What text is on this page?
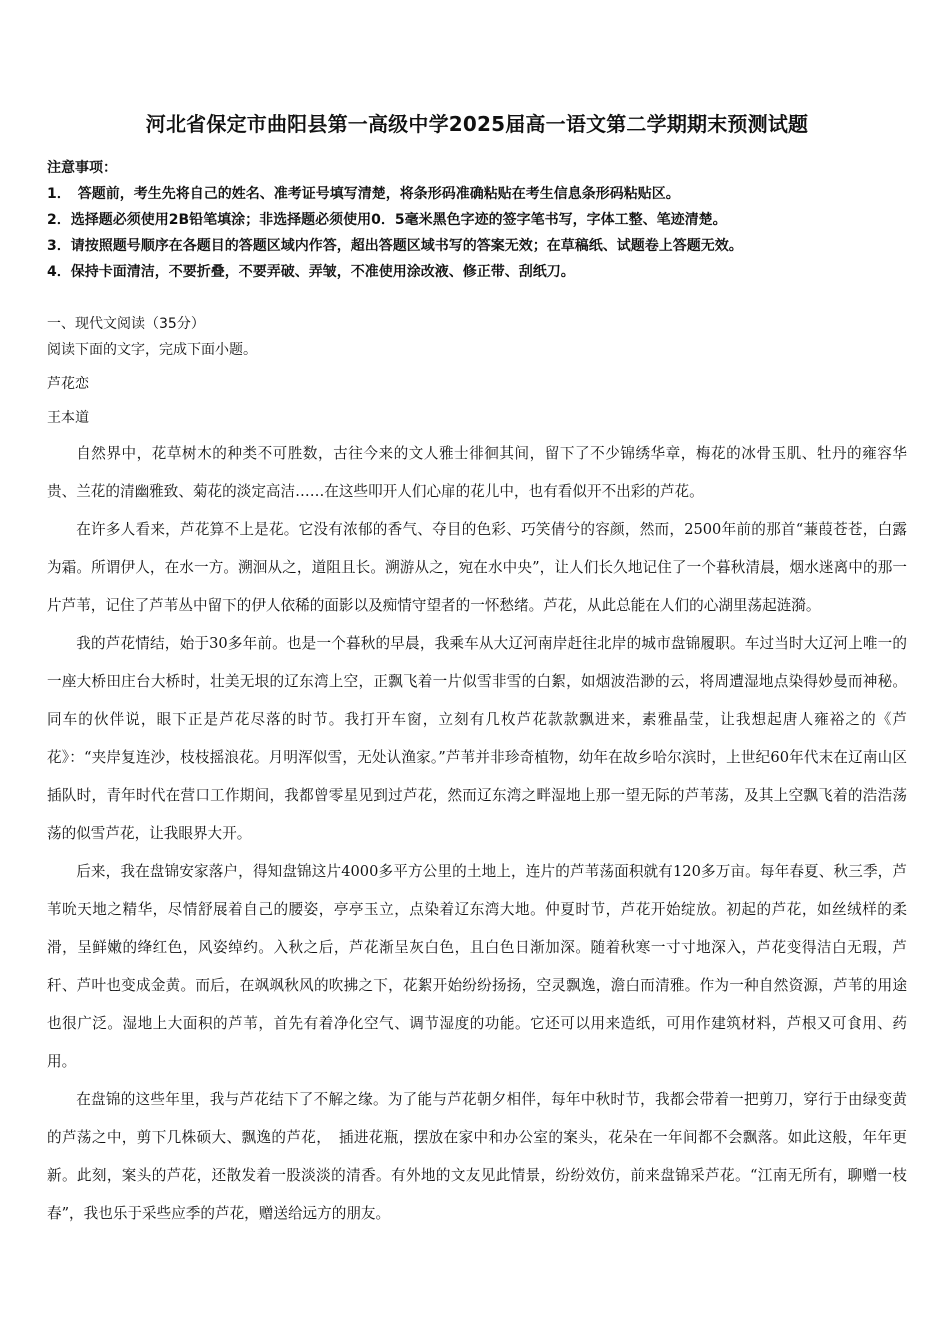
河北省保定市曲阳县第一高级中学2025届高一语文第二学期期末预测试题
注意事项：
1．　答题前，考生先将自己的姓名、准考证号填写清楚，将条形码准确粘贴在考生信息条形码粘贴区。
2．选择题必须使用2B铅笔填涂；非选择题必须使用0．5毫米黑色字迹的签字笔书写，字体工整、笔迹清楚。
3．请按照题号顺序在各题目的答题区域内作答，超出答题区域书写的答案无效；在草稿纸、试题卷上答题无效。
4．保持卡面清洁，不要折叠，不要弄破、弄皱，不准使用涂改液、修正带、刮纸刀。
一、现代文阅读（35分）
阅读下面的文字，完成下面小题。
芦花恋
王本道

自然界中，花草树木的种类不可胜数，古往今来的文人雅士徘徊其间，留下了不少锦绣华章，梅花的冰骨玉肌、牡丹的雍容华贵、兰花的清幽雅致、菊花的淡定高洁……在这些叩开人们心扉的花儿中，也有看似开不出彩的芦花。

在许多人看来，芦花算不上是花。它没有浓郁的香气、夺目的色彩、巧笑倩兮的容颜，然而，2500年前的那首“蒹葭苍苍，白露为霜。所谓伊人，在水一方。溯洄从之，道阻且长。溯游从之，宛在水中央”，让人们长久地记住了一个暮秋清晨，烟水迷离中的那一片芦苇，记住了芦苇丛中留下的伊人依稀的面影以及痴情守望者的一怀愁绪。芦花，从此总能在人们的心湖里荡起涟漪。

我的芦花情结，始于30多年前。也是一个暮秋的早晨，我乘车从大辽河南岸赶往北岸的城市盘锦履职。车过当时大辽河上唯一的一座大桥田庄台大桥时，壮美无垠的辽东湾上空，正飘飞着一片似雪非雪的白絮，如烟波浩渺的云，将周遭湿地点染得妙曼而神秘。同车的伙伴说，眼下正是芦花尽落的时节。我打开车窗，立刻有几枚芦花款款飘进来，素雅晶莹，让我想起唐人雍裕之的《芦花》：“夹岸复连沙，枝枝摇浪花。月明浑似雪，无处认渔家。”芦苇并非珍奇植物，幼年在故乡哈尔滨时，上世纪60年代末在辽南山区插队时，青年时代在营口工作期间，我都曾零星见到过芦花，然而辽东湾之畔湿地上那一望无际的芦苇荡，及其上空飘飞着的浩浩荡荡的似雪芦花，让我眼界大开。

后来，我在盘锦安家落户，得知盘锦这片4000多平方公里的土地上，连片的芦苇荡面积就有120多万亩。每年春夏、秋三季，芦苇吮天地之精华，尽情舒展着自己的腰姿，亭亭玉立，点染着辽东湾大地。仲夏时节，芦花开始绽放。初起的芦花，如丝绒样的柔滑，呈鲜嫩的绛红色，风姿绰约。入秋之后，芦花渐呈灰白色，且白色日渐加深。随着秋寒一寸寸地深入，芦花变得洁白无瑕，芦秆、芦叶也变成金黄。而后，在飒飒秋风的吹拂之下，花絮开始纷纷扬扬，空灵飘逸，澹白而清雅。作为一种自然资源，芦苇的用途也很广泛。湿地上大面积的芦苇，首先有着净化空气、调节湿度的功能。它还可以用来造纸，可用作建筑材料，芦根又可食用、药用。

在盘锦的这些年里，我与芦花结下了不解之缘。为了能与芦花朝夕相伴，每年中秋时节，我都会带着一把剪刀，穿行于由绿变黄的芦荡之中，剪下几株硕大、飘逸的芦花，　插进花瓶，摆放在家中和办公室的案头，花朵在一年间都不会飘落。如此这般，年年更新。此刻，案头的芦花，还散发着一股淡淡的清香。有外地的文友见此情景，纷纷效仿，前来盘锦采芦花。“江南无所有，聊赠一枝春”，我也乐于采些应季的芦花，赠送给远方的朋友。
